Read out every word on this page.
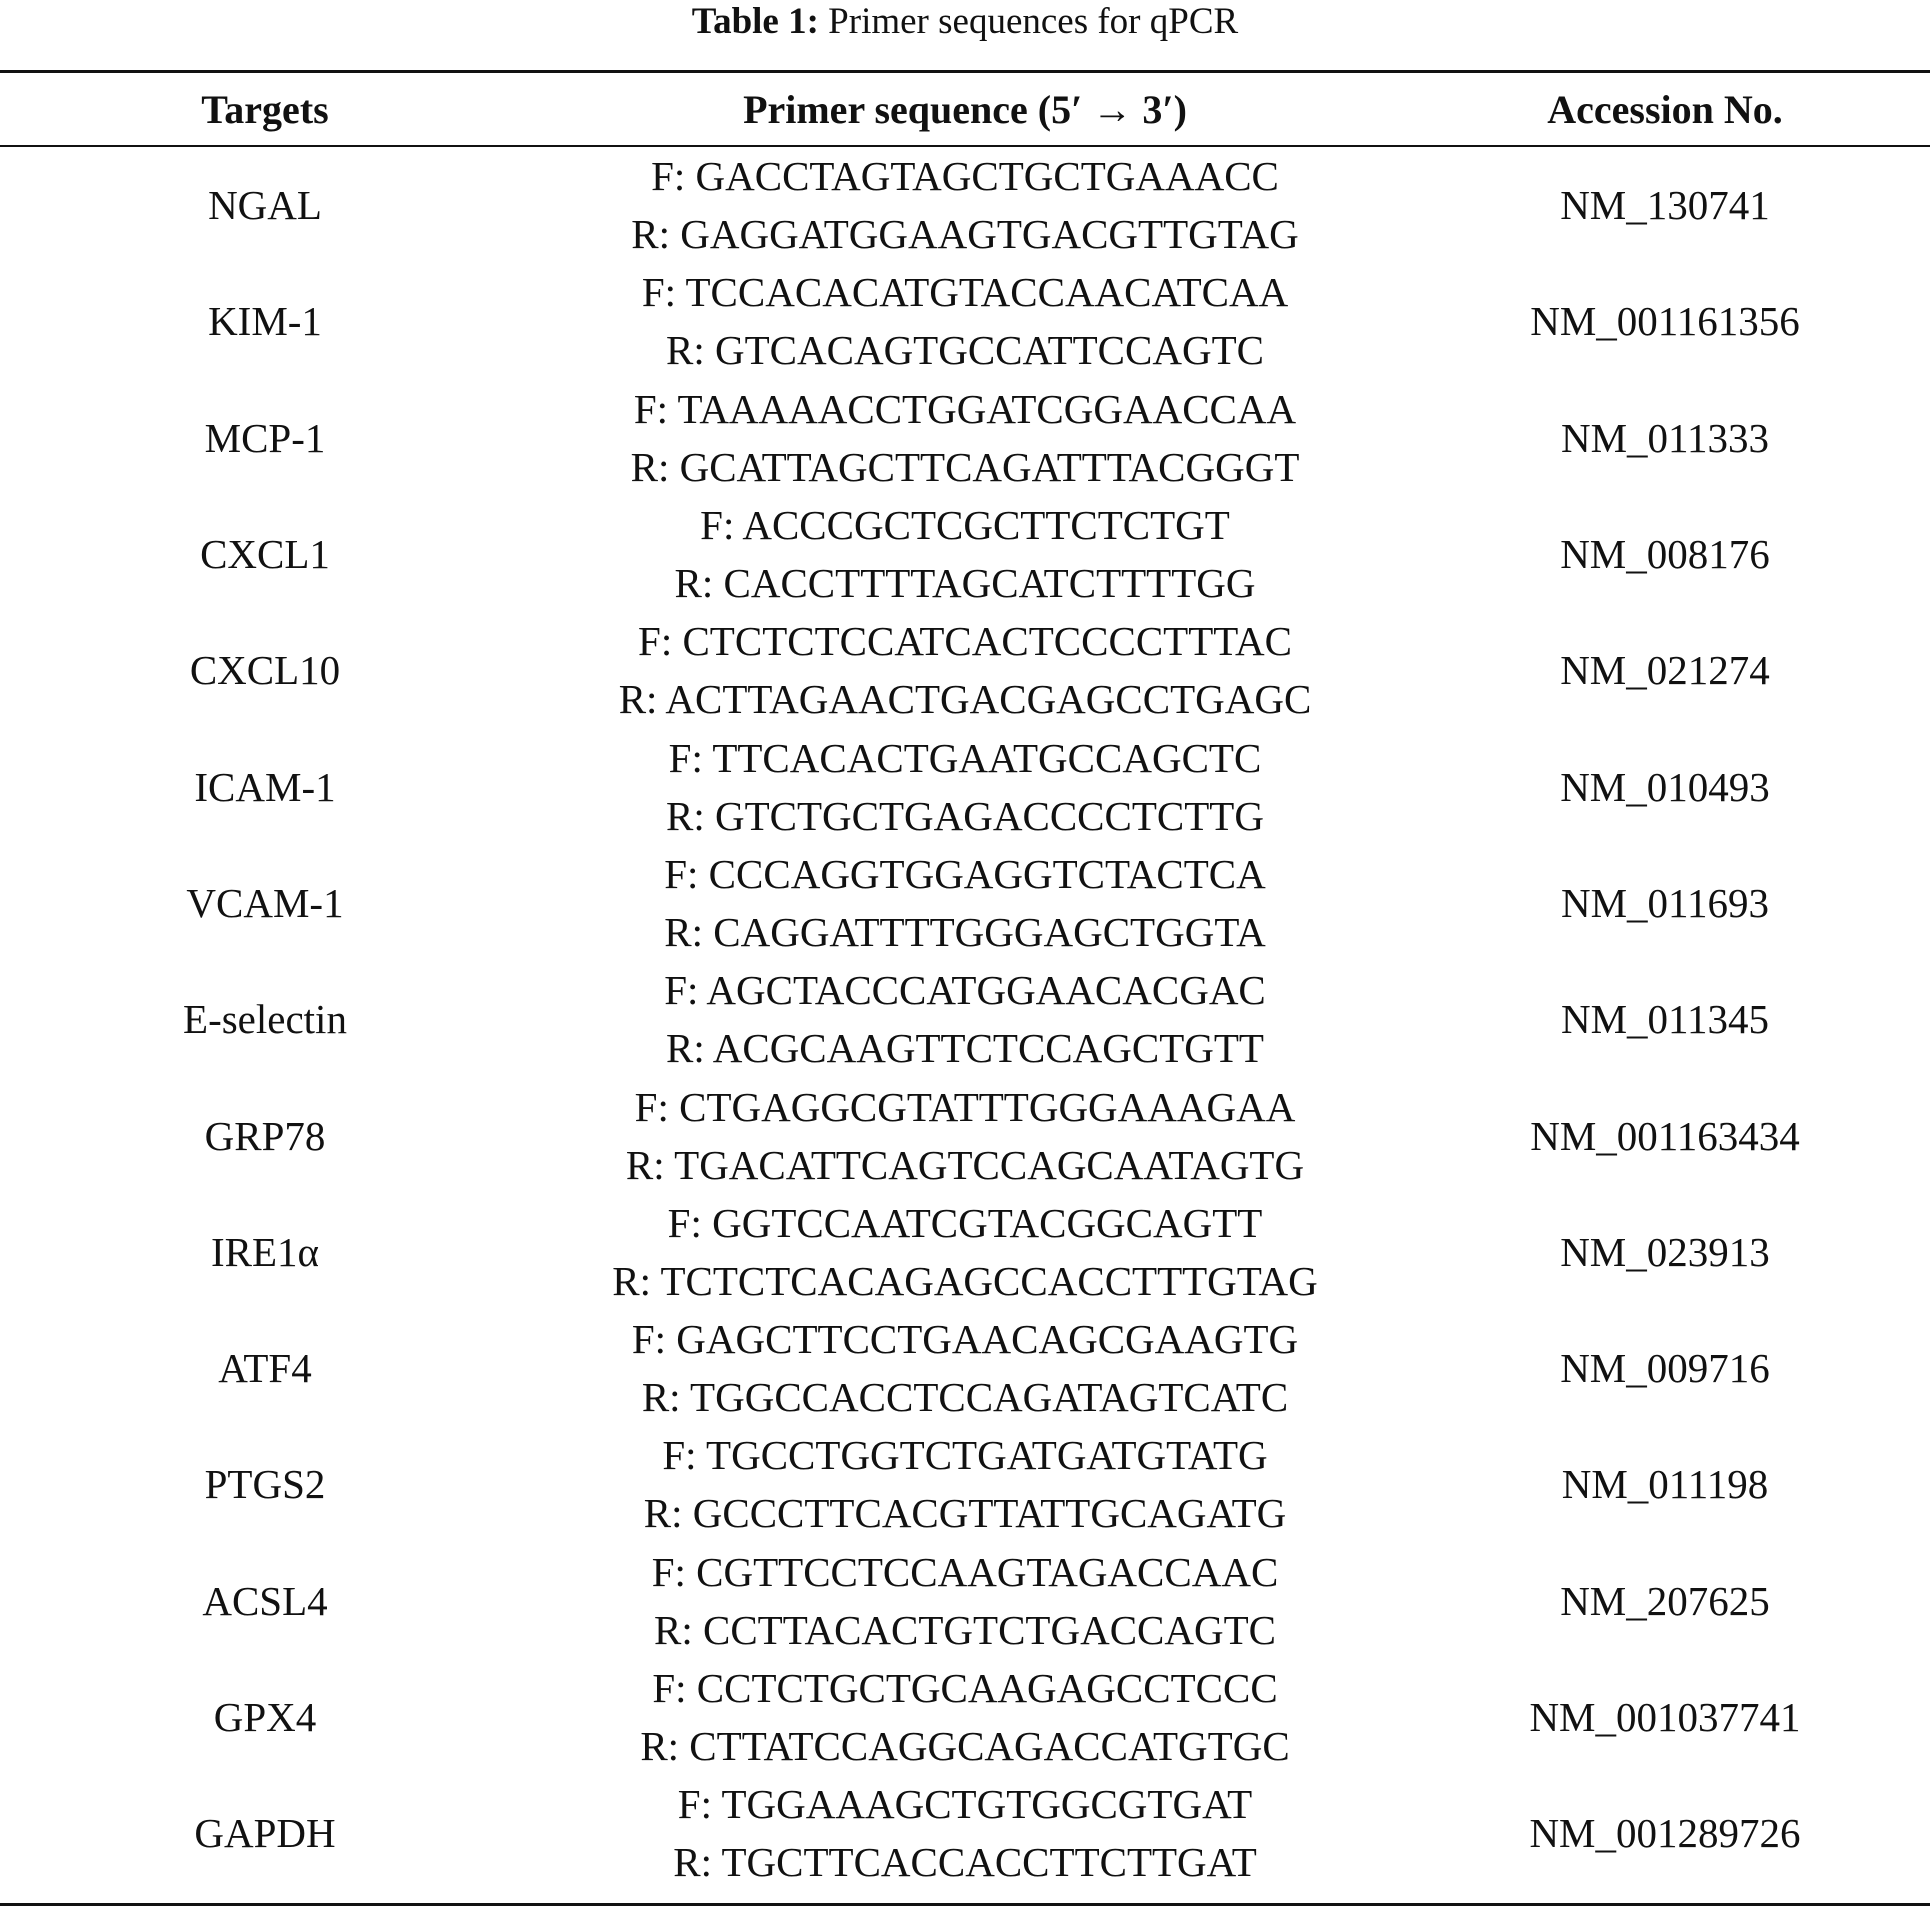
Table 1: Primer sequences for qPCR
Targets	Primer sequence (5′ → 3′)	Accession No.
NGAL
F: GACCTAGTAGCTGCTGAAACC
R: GAGGATGGAAGTGACGTTGTAG
NM_130741
KIM-1
F: TCCACACATGTACCAACATCAA
R: GTCACAGTGCCATTCCAGTC
NM_001161356
MCP-1
F: TAAAAACCTGGATCGGAACCAA
R: GCATTAGCTTCAGATTTACGGGT
NM_011333
CXCL1
F: ACCCGCTCGCTTCTCTGT
R: CACCTTTTAGCATCTTTTGG
NM_008176
CXCL10
F: CTCTCTCCATCACTCCCCTTTAC
R: ACTTAGAACTGACGAGCCTGAGC
NM_021274
ICAM-1
F: TTCACACTGAATGCCAGCTC
R: GTCTGCTGAGACCCCTCTTG
NM_010493
VCAM-1
F: CCCAGGTGGAGGTCTACTCA
R: CAGGATTTTGGGAGCTGGTA
NM_011693
E-selectin
F: AGCTACCCATGGAACACGAC
R: ACGCAAGTTCTCCAGCTGTT
NM_011345
GRP78
F: CTGAGGCGTATTTGGGAAAGAA
R: TGACATTCAGTCCAGCAATAGTG
NM_001163434
IRE1α
F: GGTCCAATCGTACGGCAGTT
R: TCTCTCACAGAGCCACCTTTGTAG
NM_023913
ATF4
F: GAGCTTCCTGAACAGCGAAGTG
R: TGGCCACCTCCAGATAGTCATC
NM_009716
PTGS2
F: TGCCTGGTCTGATGATGTATG
R: GCCCTTCACGTTATTGCAGATG
NM_011198
ACSL4
F: CGTTCCTCCAAGTAGACCAAC
R: CCTTACACTGTCTGACCAGTC
NM_207625
GPX4
F: CCTCTGCTGCAAGAGCCTCCC
R: CTTATCCAGGCAGACCATGTGC
NM_001037741
GAPDH
F: TGGAAAGCTGTGGCGTGAT
R: TGCTTCACCACCTTCTTGAT
NM_001289726
